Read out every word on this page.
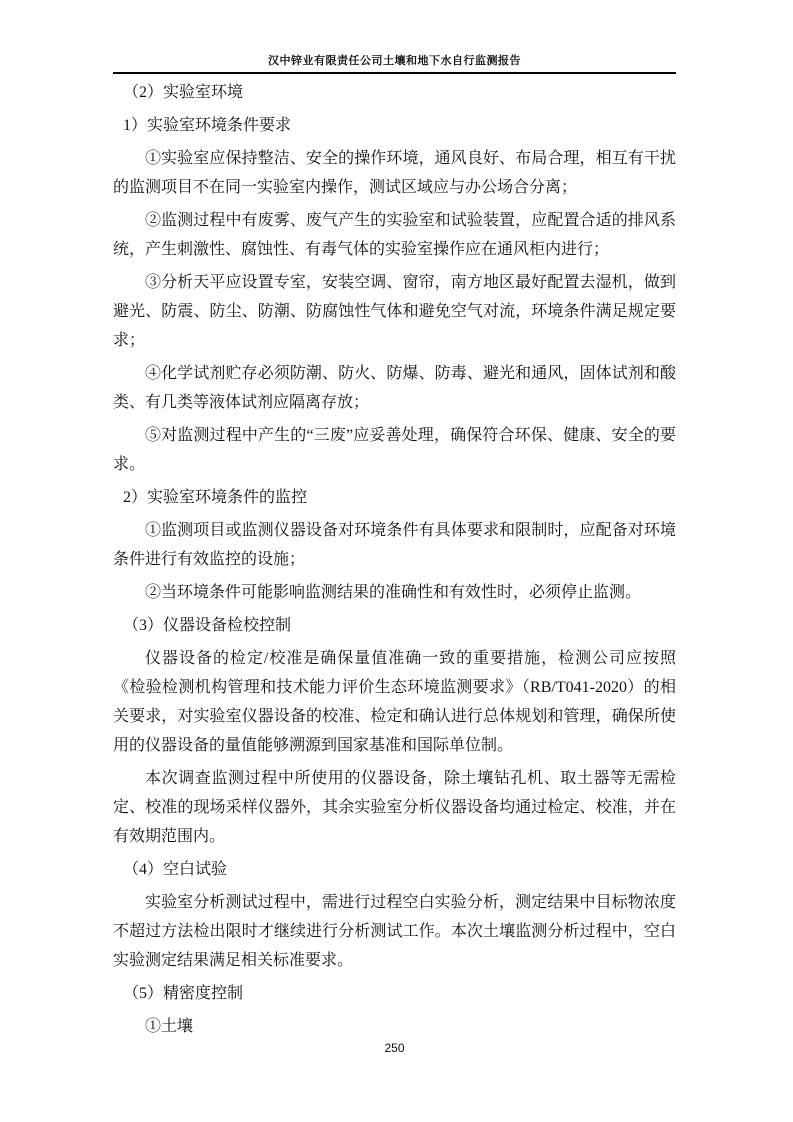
汉中锌业有限责任公司土壤和地下水自行监测报告

（2）实验室环境

1）实验室环境条件要求

①实验室应保持整洁、安全的操作环境，通风良好、布局合理，相互有干扰的监测项目不在同一实验室内操作，测试区域应与办公场合分离；

②监测过程中有废雾、废气产生的实验室和试验装置，应配置合适的排风系统，产生刺激性、腐蚀性、有毒气体的实验室操作应在通风柜内进行；

③分析天平应设置专室，安装空调、窗帘，南方地区最好配置去湿机，做到避光、防震、防尘、防潮、防腐蚀性气体和避免空气对流，环境条件满足规定要求；

④化学试剂贮存必须防潮、防火、防爆、防毒、避光和通风，固体试剂和酸类、有几类等液体试剂应隔离存放；

⑤对监测过程中产生的“三废”应妥善处理，确保符合环保、健康、安全的要求。

2）实验室环境条件的监控

①监测项目或监测仪器设备对环境条件有具体要求和限制时，应配备对环境条件进行有效监控的设施；

②当环境条件可能影响监测结果的准确性和有效性时，必须停止监测。

（3）仪器设备检校控制

仪器设备的检定/校准是确保量值准确一致的重要措施，检测公司应按照《检验检测机构管理和技术能力评价生态环境监测要求》（RB/T041-2020）的相关要求，对实验室仪器设备的校准、检定和确认进行总体规划和管理，确保所使用的仪器设备的量值能够溯源到国家基准和国际单位制。

本次调查监测过程中所使用的仪器设备，除土壤钻孔机、取土器等无需检定、校准的现场采样仪器外，其余实验室分析仪器设备均通过检定、校准，并在有效期范围内。

（4）空白试验

实验室分析测试过程中，需进行过程空白实验分析，测定结果中目标物浓度不超过方法检出限时才继续进行分析测试工作。本次土壤监测分析过程中，空白实验测定结果满足相关标准要求。

（5）精密度控制

①土壤

250
